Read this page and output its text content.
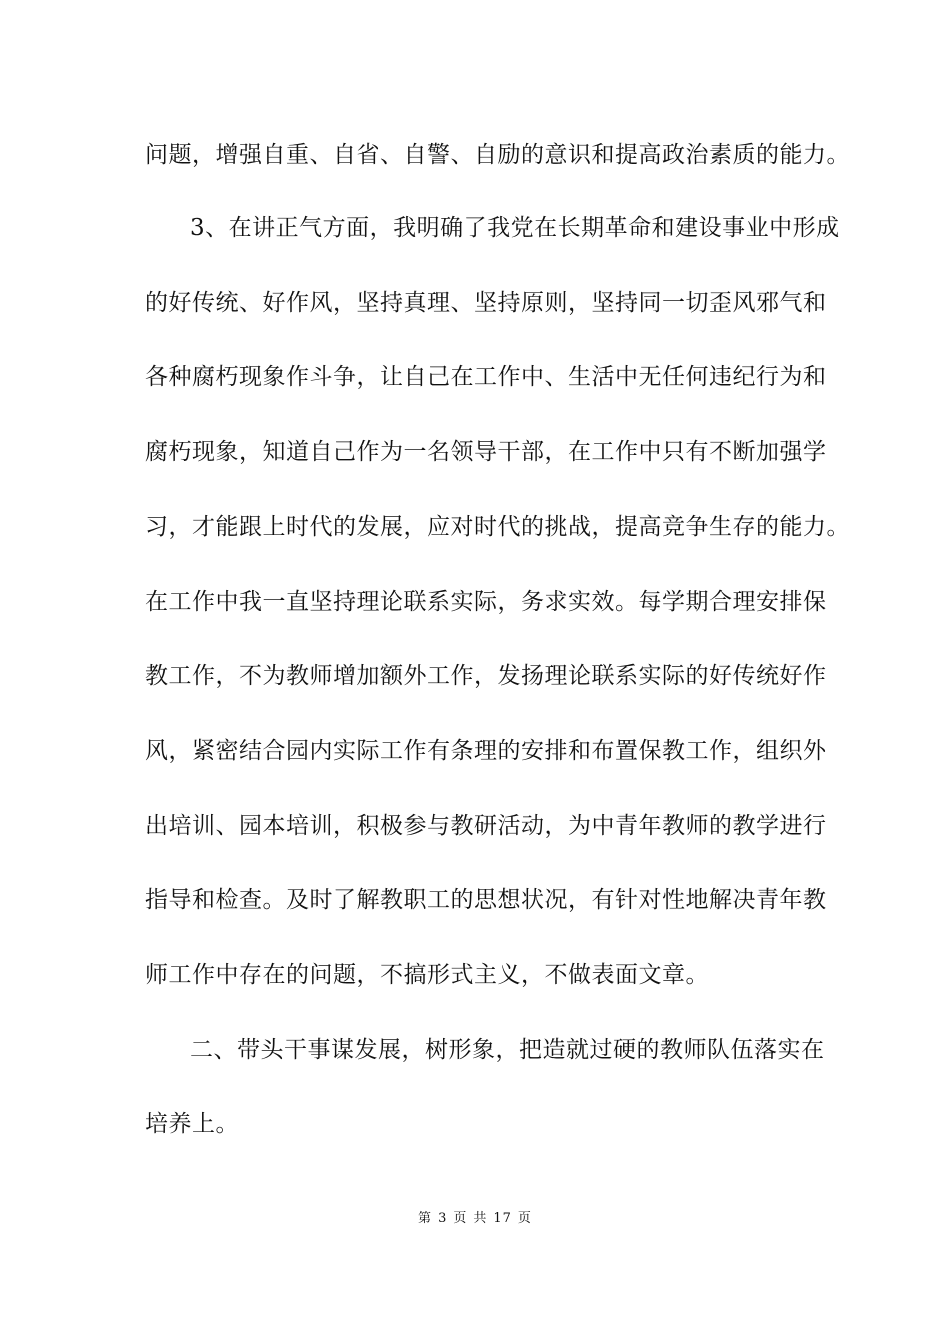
问题，增强自重、自省、自警、自励的意识和提高政治素质的能力。
3、在讲正气方面，我明确了我党在长期革命和建设事业中形成
的好传统、好作风，坚持真理、坚持原则，坚持同一切歪风邪气和
各种腐朽现象作斗争，让自己在工作中、生活中无任何违纪行为和
腐朽现象，知道自己作为一名领导干部，在工作中只有不断加强学
习，才能跟上时代的发展，应对时代的挑战，提高竞争生存的能力。
在工作中我一直坚持理论联系实际，务求实效。每学期合理安排保
教工作，不为教师增加额外工作，发扬理论联系实际的好传统好作
风，紧密结合园内实际工作有条理的安排和布置保教工作，组织外
出培训、园本培训，积极参与教研活动，为中青年教师的教学进行
指导和检查。及时了解教职工的思想状况，有针对性地解决青年教
师工作中存在的问题，不搞形式主义，不做表面文章。
二、带头干事谋发展，树形象，把造就过硬的教师队伍落实在
培养上。
第 3 页 共 17 页
